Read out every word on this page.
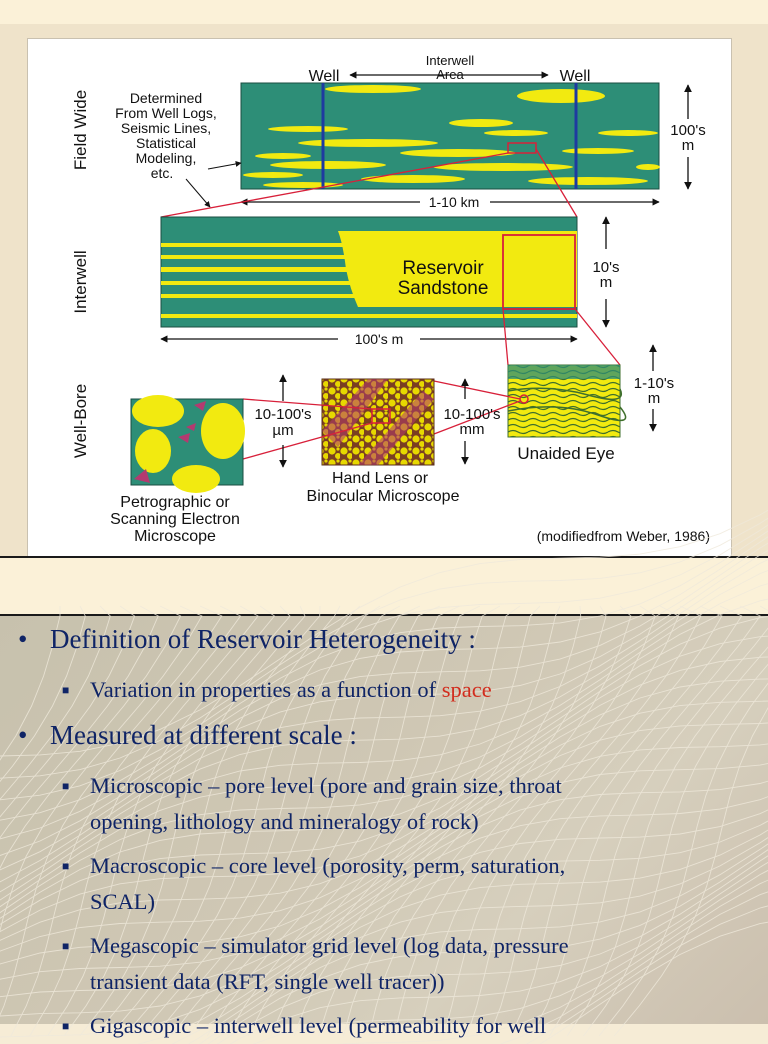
Field Wide
Interwell
Well-Bore
Well	Well
Interwell
Area
Determined
From Well Logs,
Seismic Lines,
Statistical
Modeling,
etc.
100's
m
1-10 km
Reservoir
Sandstone
10's
m
100's m
1-10's
m
Unaided Eye
10-100's
mm
Hand Lens or
Binocular Microscope
10-100's
µm
Petrographic or
Scanning Electron
Microscope	(modifiedfrom Weber, 1986)
• Definition of Reservoir Heterogeneity :
■ Variation in properties as a function of space
• Measured at different scale :
■ Microscopic – pore level (pore and grain size, throat
opening, lithology and mineralogy of rock)
■ Macroscopic – core level (porosity, perm, saturation,
SCAL)
■ Megascopic – simulator grid level (log data, pressure
transient data (RFT, single well tracer))
■ Gigascopic – interwell level (permeability for well
